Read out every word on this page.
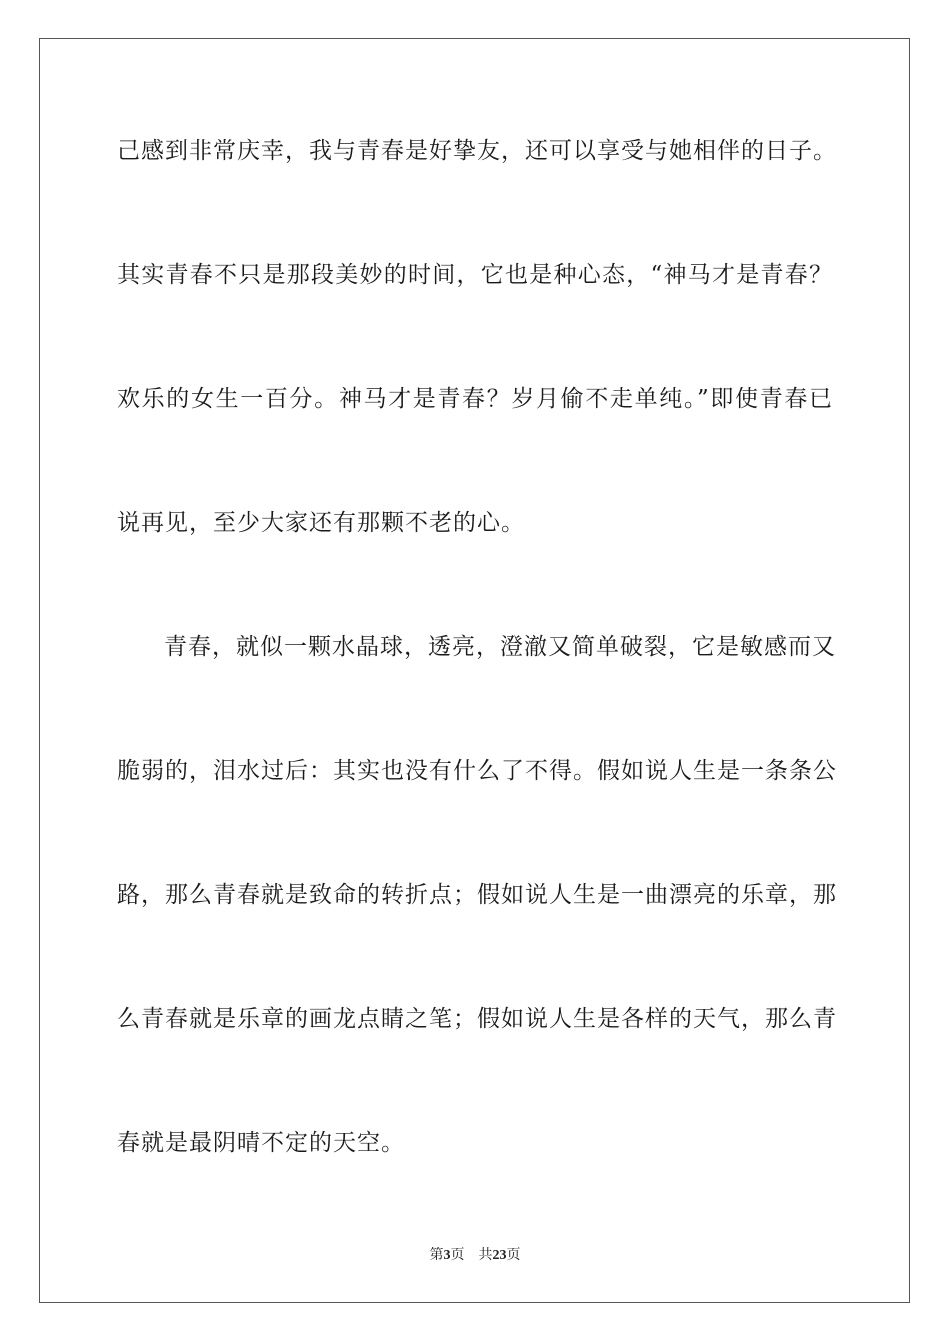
己感到非常庆幸，我与青春是好挚友，还可以享受与她相伴的日子。
其实青春不只是那段美妙的时间，它也是种心态，“神马才是青春？
欢乐的女生一百分。神马才是青春？岁月偷不走单纯。”即使青春已
说再见，至少大家还有那颗不老的心。
青春，就似一颗水晶球，透亮，澄澈又简单破裂，它是敏感而又
脆弱的，泪水过后：其实也没有什么了不得。假如说人生是一条条公
路，那么青春就是致命的转折点；假如说人生是一曲漂亮的乐章，那
么青春就是乐章的画龙点睛之笔；假如说人生是各样的天气，那么青
春就是最阴晴不定的天空。
第3页 共23页
